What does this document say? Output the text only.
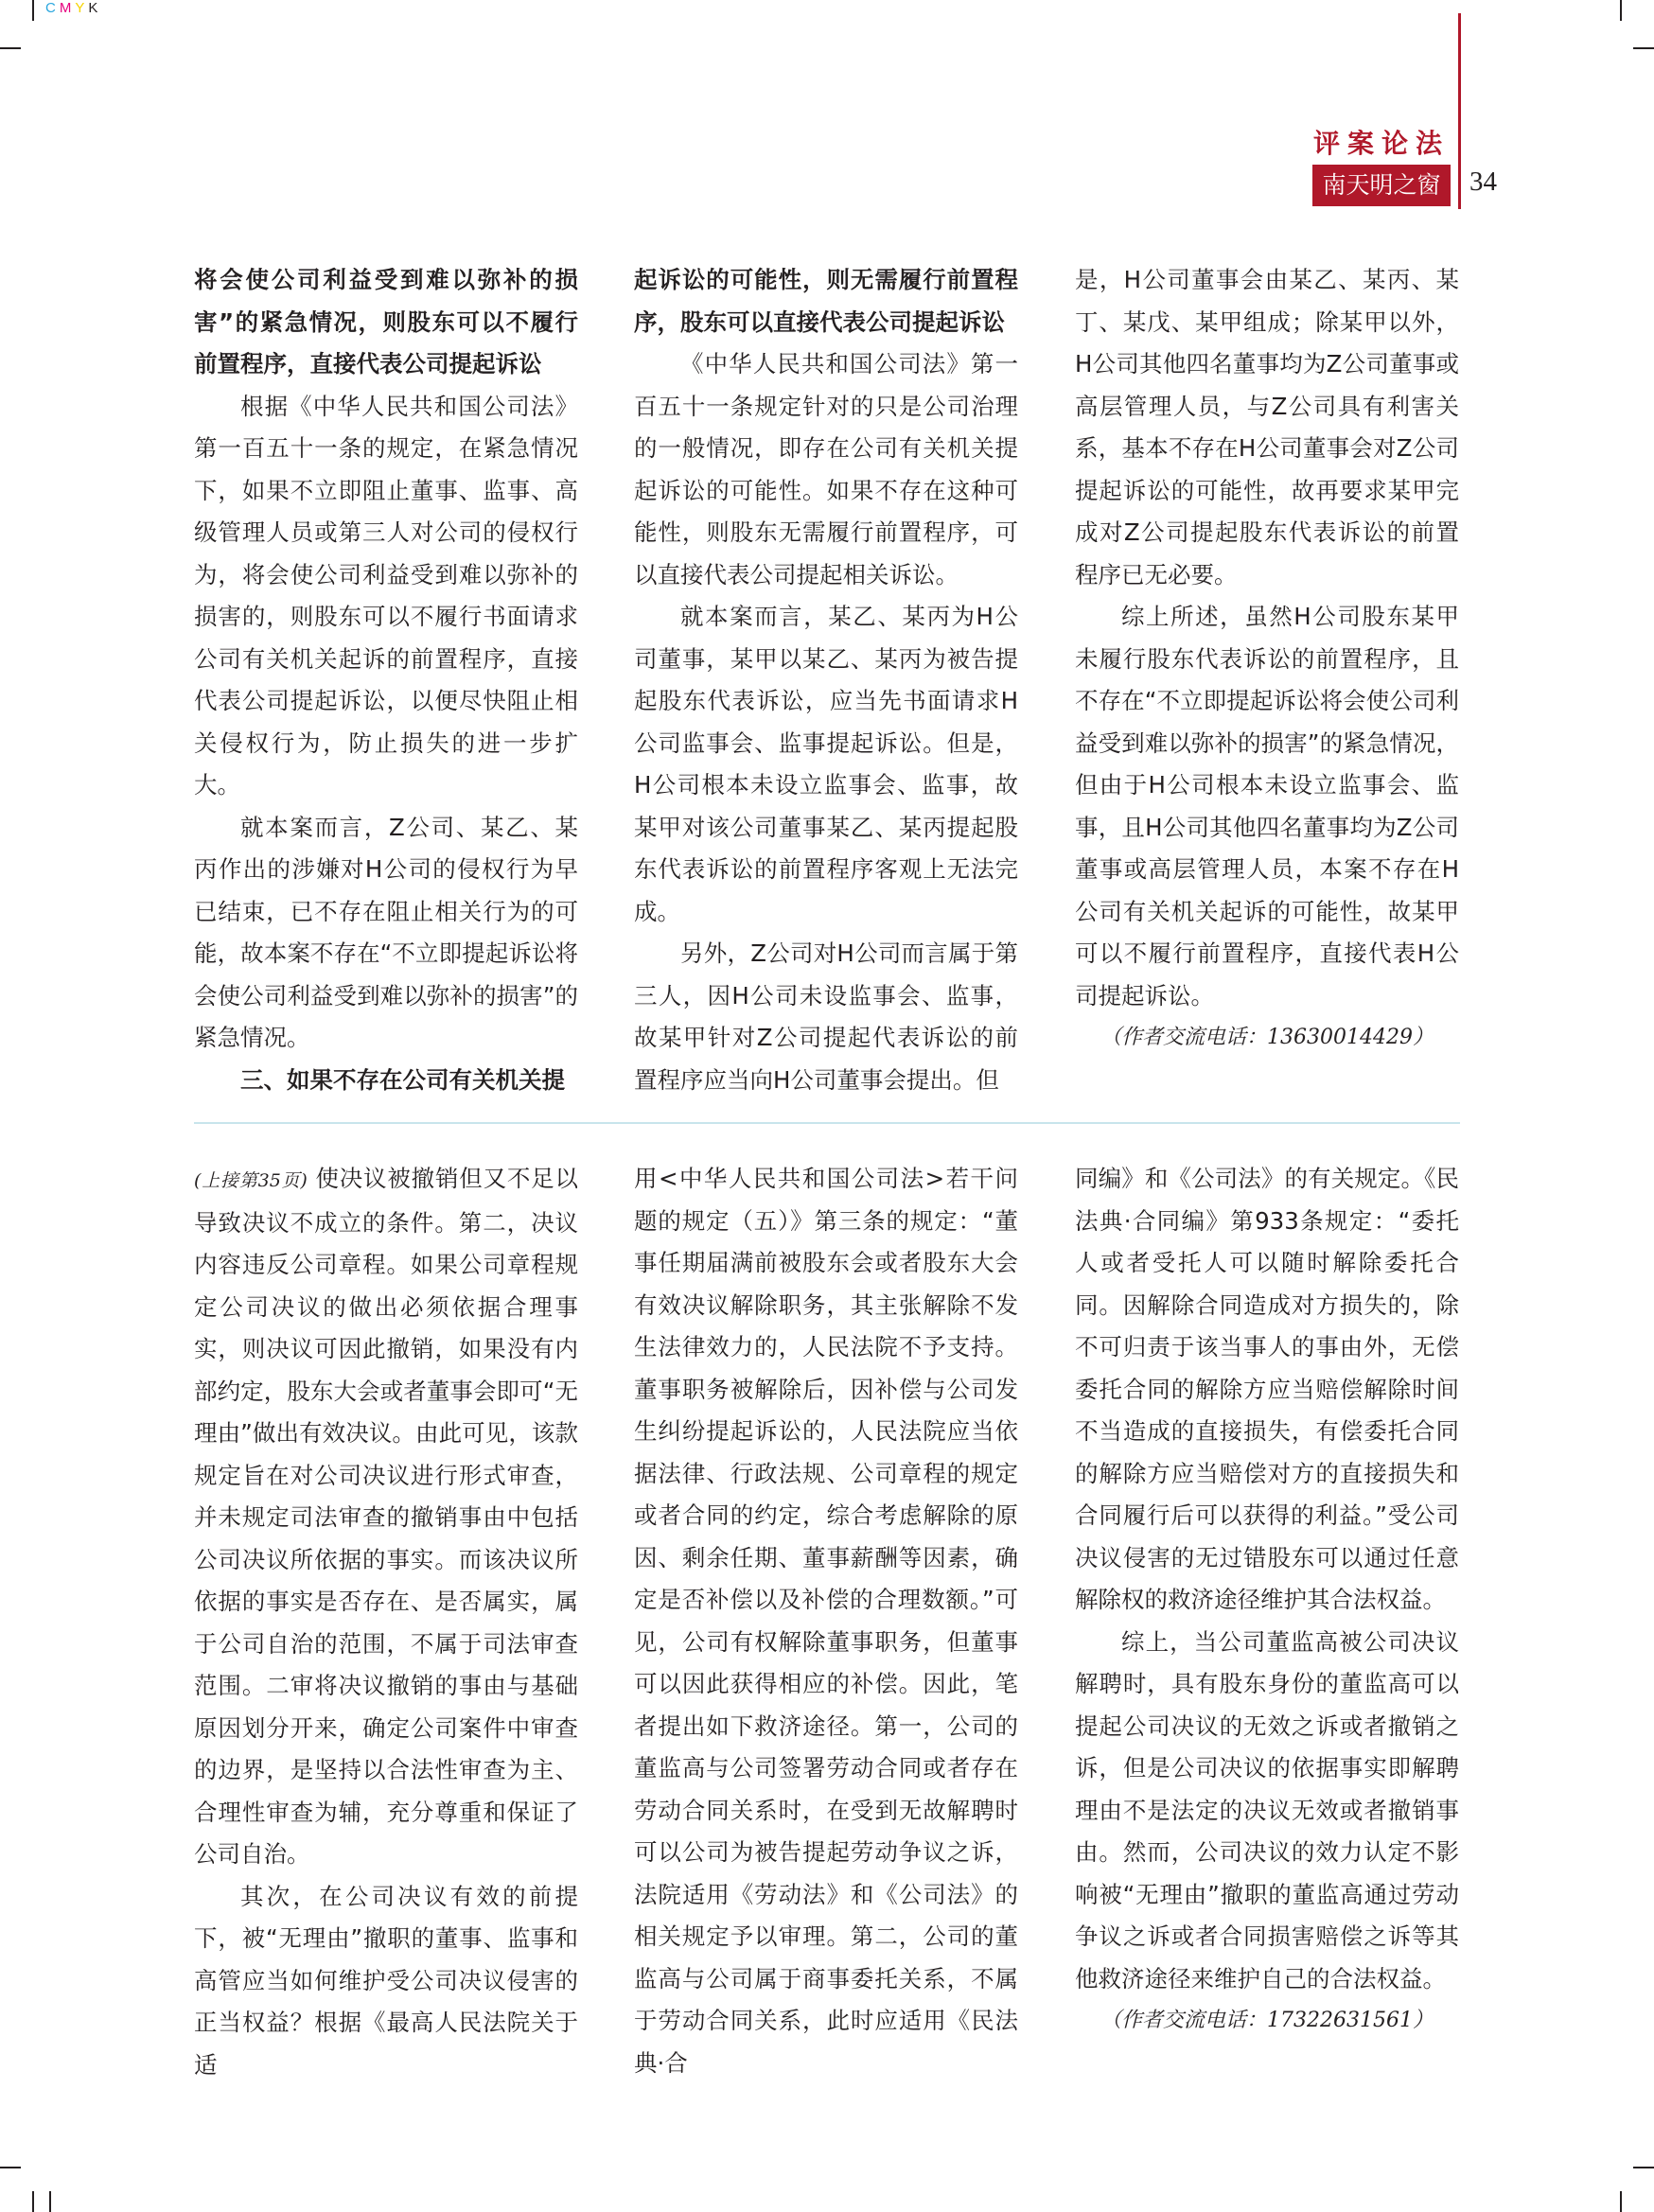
CMYK
评案论法
南天明之窗	34

将会使公司利益受到难以弥补的损害”的紧急情况，则股东可以不履行前置程序，直接代表公司提起诉讼

根据《中华人民共和国公司法》第一百五十一条的规定，在紧急情况下，如果不立即阻止董事、监事、高级管理人员或第三人对公司的侵权行为，将会使公司利益受到难以弥补的损害的，则股东可以不履行书面请求公司有关机关起诉的前置程序，直接代表公司提起诉讼，以便尽快阻止相关侵权行为，防止损失的进一步扩大。

就本案而言，Z公司、某乙、某丙作出的涉嫌对H公司的侵权行为早已结束，已不存在阻止相关行为的可能，故本案不存在“不立即提起诉讼将会使公司利益受到难以弥补的损害”的紧急情况。

三、如果不存在公司有关机关提

起诉讼的可能性，则无需履行前置程序，股东可以直接代表公司提起诉讼

《中华人民共和国公司法》第一百五十一条规定针对的只是公司治理的一般情况，即存在公司有关机关提起诉讼的可能性。如果不存在这种可能性，则股东无需履行前置程序，可以直接代表公司提起相关诉讼。

就本案而言，某乙、某丙为H公司董事，某甲以某乙、某丙为被告提起股东代表诉讼，应当先书面请求H公司监事会、监事提起诉讼。但是，H公司根本未设立监事会、监事，故某甲对该公司董事某乙、某丙提起股东代表诉讼的前置程序客观上无法完成。

另外，Z公司对H公司而言属于第三人，因H公司未设监事会、监事，故某甲针对Z公司提起代表诉讼的前置程序应当向H公司董事会提出。但

是，H公司董事会由某乙、某丙、某丁、某戊、某甲组成；除某甲以外，H公司其他四名董事均为Z公司董事或高层管理人员，与Z公司具有利害关系，基本不存在H公司董事会对Z公司提起诉讼的可能性，故再要求某甲完成对Z公司提起股东代表诉讼的前置程序已无必要。

综上所述，虽然H公司股东某甲未履行股东代表诉讼的前置程序，且不存在“不立即提起诉讼将会使公司利益受到难以弥补的损害”的紧急情况，但由于H公司根本未设立监事会、监事，且H公司其他四名董事均为Z公司董事或高层管理人员，本案不存在H公司有关机关起诉的可能性，故某甲可以不履行前置程序，直接代表H公司提起诉讼。

（作者交流电话：13630014429）

(上接第35页) 使决议被撤销但又不足以导致决议不成立的条件。第二，决议内容违反公司章程。如果公司章程规定公司决议的做出必须依据合理事实，则决议可因此撤销，如果没有内部约定，股东大会或者董事会即可“无理由”做出有效决议。由此可见，该款规定旨在对公司决议进行形式审查，并未规定司法审查的撤销事由中包括公司决议所依据的事实。而该决议所依据的事实是否存在、是否属实，属于公司自治的范围，不属于司法审查范围。二审将决议撤销的事由与基础原因划分开来，确定公司案件中审查的边界，是坚持以合法性审查为主、合理性审查为辅，充分尊重和保证了公司自治。

其次，在公司决议有效的前提下，被“无理由”撤职的董事、监事和高管应当如何维护受公司决议侵害的正当权益？根据《最高人民法院关于适

用<中华人民共和国公司法>若干问题的规定（五）》第三条的规定：“董事任期届满前被股东会或者股东大会有效决议解除职务，其主张解除不发生法律效力的，人民法院不予支持。董事职务被解除后，因补偿与公司发生纠纷提起诉讼的，人民法院应当依据法律、行政法规、公司章程的规定或者合同的约定，综合考虑解除的原因、剩余任期、董事薪酬等因素，确定是否补偿以及补偿的合理数额。”可见，公司有权解除董事职务，但董事可以因此获得相应的补偿。因此，笔者提出如下救济途径。第一，公司的董监高与公司签署劳动合同或者存在劳动合同关系时，在受到无故解聘时可以公司为被告提起劳动争议之诉，法院适用《劳动法》和《公司法》的相关规定予以审理。第二，公司的董监高与公司属于商事委托关系，不属于劳动合同关系，此时应适用《民法典·合

同编》和《公司法》的有关规定。《民法典·合同编》第933条规定：“委托人或者受托人可以随时解除委托合同。因解除合同造成对方损失的，除不可归责于该当事人的事由外，无偿委托合同的解除方应当赔偿解除时间不当造成的直接损失，有偿委托合同的解除方应当赔偿对方的直接损失和合同履行后可以获得的利益。”受公司决议侵害的无过错股东可以通过任意解除权的救济途径维护其合法权益。

综上，当公司董监高被公司决议解聘时，具有股东身份的董监高可以提起公司决议的无效之诉或者撤销之诉，但是公司决议的依据事实即解聘理由不是法定的决议无效或者撤销事由。然而，公司决议的效力认定不影响被“无理由”撤职的董监高通过劳动争议之诉或者合同损害赔偿之诉等其他救济途径来维护自己的合法权益。

（作者交流电话：17322631561）
